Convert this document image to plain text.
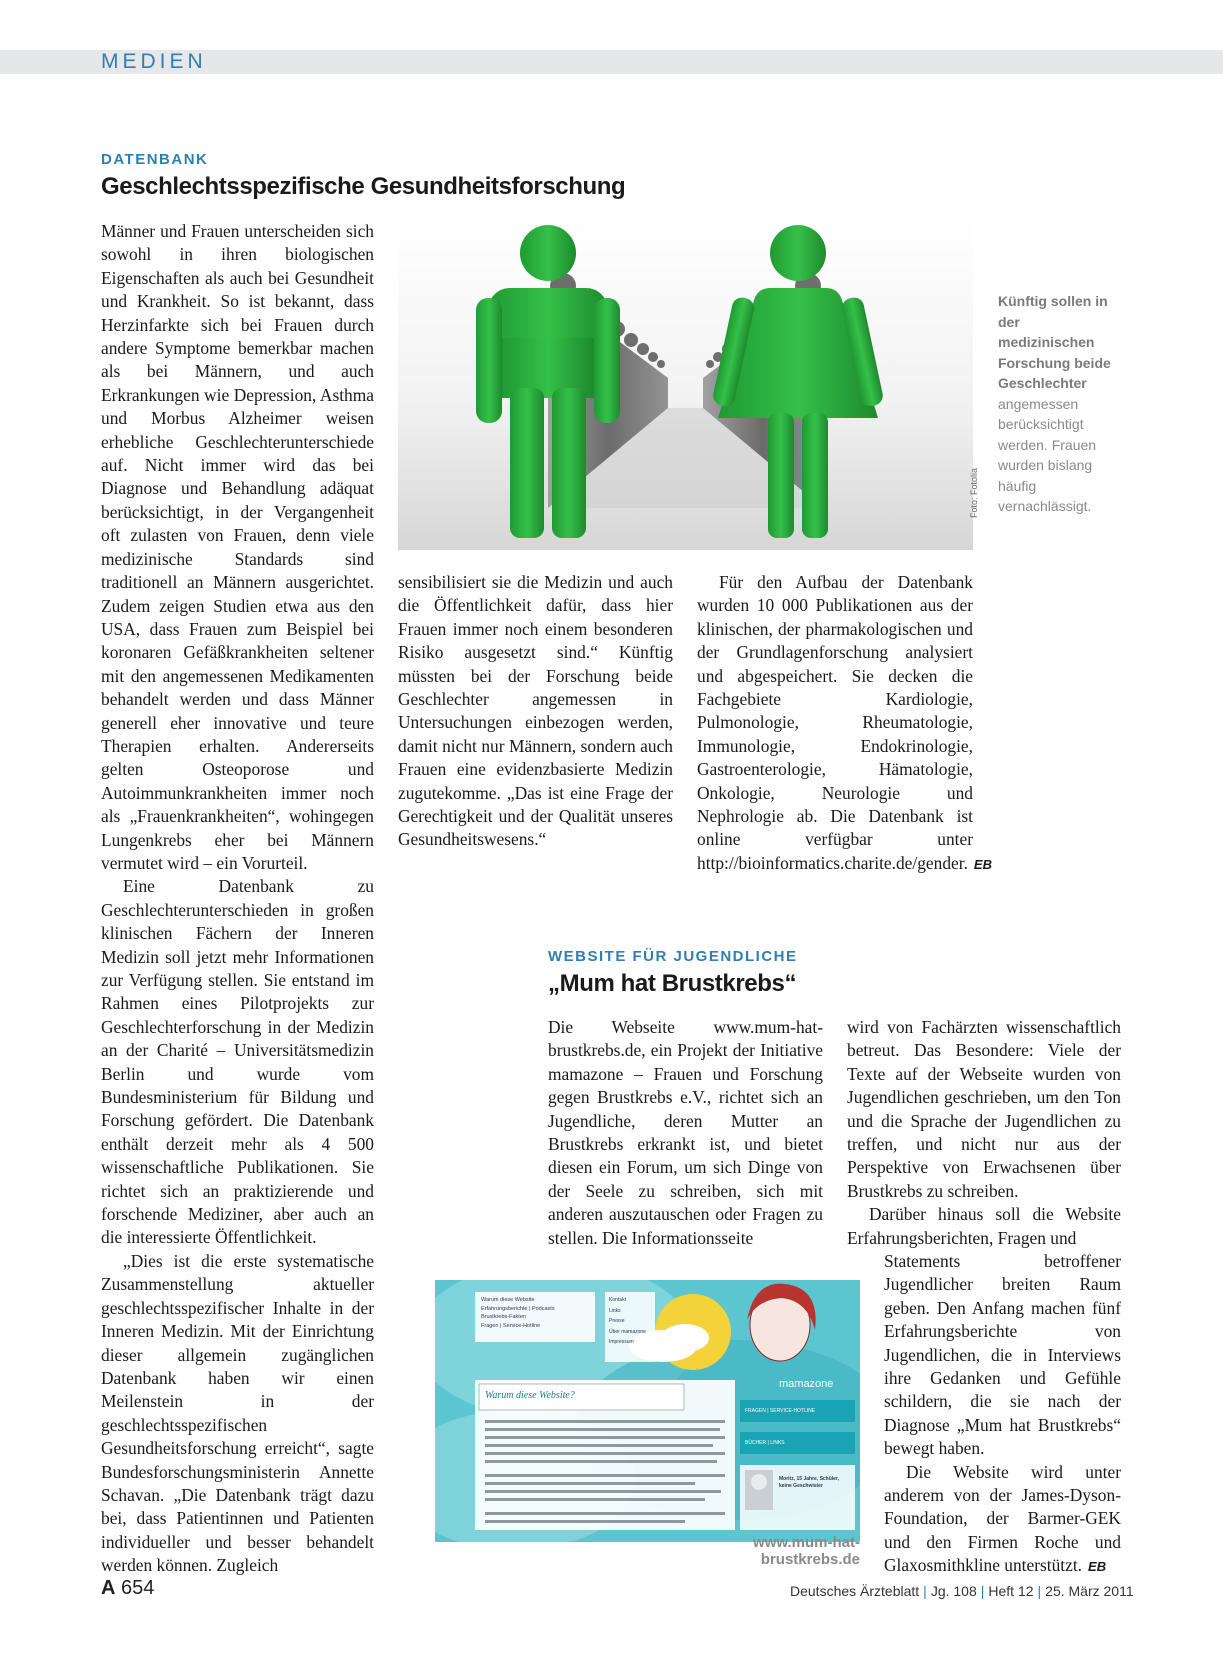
MEDIEN
DATENBANK
Geschlechtsspezifische Gesundheitsforschung

Männer und Frauen unterscheiden sich sowohl in ihren biologischen Eigenschaften als auch bei Gesundheit und Krankheit. So ist bekannt, dass Herzinfarkte sich bei Frauen durch andere Symptome bemerkbar machen als bei Männern, und auch Erkrankungen wie Depression, Asthma und Morbus Alzheimer weisen erhebliche Geschlechterunterschiede auf. Nicht immer wird das bei Diagnose und Behandlung adäquat berücksichtigt, in der Vergangenheit oft zulasten von Frauen, denn viele medizinische Standards sind traditionell an Männern ausgerichtet. Zudem zeigen Studien etwa aus den USA, dass Frauen zum Beispiel bei koronaren Gefäßkrankheiten seltener mit den angemessenen Medikamenten behandelt werden und dass Männer generell eher innovative und teure Therapien erhalten. Andererseits gelten Osteoporose und Autoimmunkrankheiten immer noch als „Frauenkrankheiten“, wohingegen Lungenkrebs eher bei Männern vermutet wird – ein Vorurteil.

Eine Datenbank zu Geschlechterunterschieden in großen klinischen Fächern der Inneren Medizin soll jetzt mehr Informationen zur Verfügung stellen. Sie entstand im Rahmen eines Pilotprojekts zur Geschlechterforschung in der Medizin an der Charité – Universitätsmedizin Berlin und wurde vom Bundesministerium für Bildung und Forschung gefördert. Die Datenbank enthält derzeit mehr als 4 500 wissenschaftliche Publikationen. Sie richtet sich an praktizierende und forschende Mediziner, aber auch an die interessierte Öffentlichkeit.

„Dies ist die erste systematische Zusammenstellung aktueller geschlechtsspezifischer Inhalte in der Inneren Medizin. Mit der Einrichtung dieser allgemein zugänglichen Datenbank haben wir einen Meilenstein in der geschlechtsspezifischen Gesundheitsforschung erreicht“, sagte Bundesforschungsministerin Annette Schavan. „Die Datenbank trägt dazu bei, dass Patientinnen und Patienten individueller und besser behandelt werden können. Zugleich

Foto: Fotolia
Künftig sollen in der medizinischen Forschung beide Geschlechter angemessen berücksichtigt werden. Frauen wurden bislang häufig vernachlässigt.

sensibilisiert sie die Medizin und auch die Öffentlichkeit dafür, dass hier Frauen immer noch einem besonderen Risiko ausgesetzt sind.“ Künftig müssten bei der Forschung beide Geschlechter angemessen in Untersuchungen einbezogen werden, damit nicht nur Männern, sondern auch Frauen eine evidenzbasierte Medizin zugutekomme. „Das ist eine Frage der Gerechtigkeit und der Qualität unseres Gesundheitswesens.“

Für den Aufbau der Datenbank wurden 10 000 Publikationen aus der klinischen, der pharmakologischen und der Grundlagenforschung analysiert und abgespeichert. Sie decken die Fachgebiete Kardiologie, Pulmonologie, Rheumatologie, Immunologie, Endokrinologie, Gastroenterologie, Hämatologie, Onkologie, Neurologie und Nephrologie ab. Die Datenbank ist online verfügbar unter http://bioinformatics.charite.de/gender. EB

WEBSITE FÜR JUGENDLICHE
„Mum hat Brustkrebs“

Die Webseite www.mum-hat-brustkrebs.de, ein Projekt der Initiative mamazone – Frauen und Forschung gegen Brustkrebs e.V., richtet sich an Jugendliche, deren Mutter an Brustkrebs erkrankt ist, und bietet diesen ein Forum, um sich Dinge von der Seele zu schreiben, sich mit anderen auszutauschen oder Fragen zu stellen. Die Informationsseite

wird von Fachärzten wissenschaftlich betreut. Das Besondere: Viele der Texte auf der Webseite wurden von Jugendlichen geschrieben, um den Ton und die Sprache der Jugendlichen zu treffen, und nicht nur aus der Perspektive von Erwachsenen über Brustkrebs zu schreiben.

Darüber hinaus soll die Website Erfahrungsberichten, Fragen und

Statements betroffener Jugendlicher breiten Raum geben. Den Anfang machen fünf Erfahrungsberichte von Jugendlichen, die in Interviews ihre Gedanken und Gefühle schildern, die sie nach der Diagnose „Mum hat Brustkrebs“ bewegt haben.

Die Website wird unter anderem von der James-Dyson-Foundation, der Barmer-GEK und den Firmen Roche und Glaxosmithkline unterstützt. EB

Warum diese Website
Erfahrungsberichte | Podcasts
Brustkrebs-Fakten
Fragen | Service-Hotline
Kontakt
Links
Presse
Über mamazone
Impressum
Warum diese Website?
mamazone
FRAGEN | SERVICE-HOTLINE
BÜCHER | LINKS
Moritz, 15 Jahre, Schüler, keine Geschwister
www.mum-hat-brustkrebs.de
A 654	Deutsches Ärzteblatt | Jg. 108 | Heft 12 | 25. März 2011
